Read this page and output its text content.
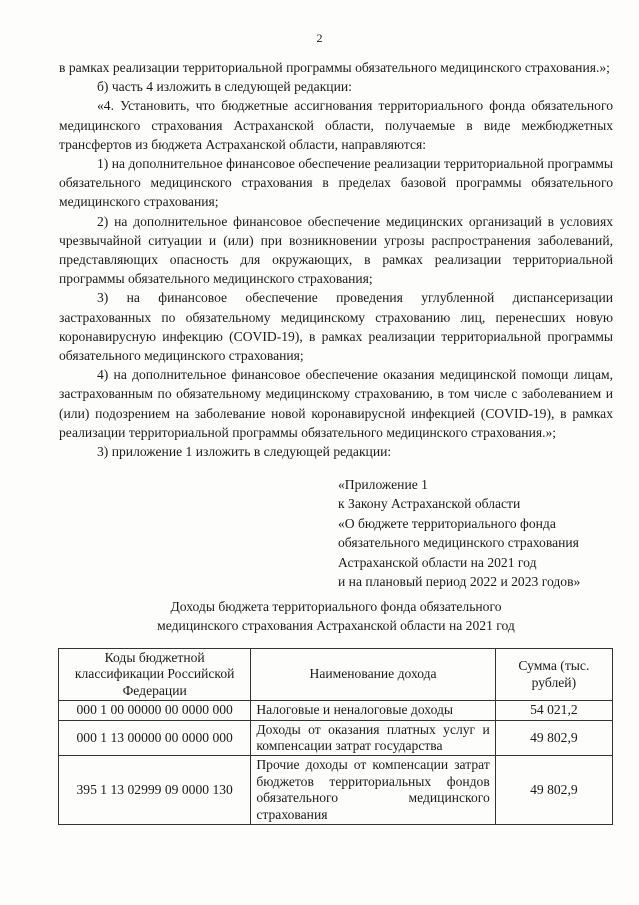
2

в рамках реализации территориальной программы обязательного медицинского страхования.»;

б) часть 4 изложить в следующей редакции:

«4. Установить, что бюджетные ассигнования территориального фонда обязательного медицинского страхования Астраханской области, получаемые в виде межбюджетных трансфертов из бюджета Астраханской области, направляются:

1) на дополнительное финансовое обеспечение реализации территориальной программы обязательного медицинского страхования в пределах базовой программы обязательного медицинского страхования;

2) на дополнительное финансовое обеспечение медицинских организаций в условиях чрезвычайной ситуации и (или) при возникновении угрозы распространения заболеваний, представляющих опасность для окружающих, в рамках реализации территориальной программы обязательного медицинского страхования;

3) на финансовое обеспечение проведения углубленной диспансеризации застрахованных по обязательному медицинскому страхованию лиц, перенесших новую коронавирусную инфекцию (COVID-19), в рамках реализации территориальной программы обязательного медицинского страхования;

4) на дополнительное финансовое обеспечение оказания медицинской помощи лицам, застрахованным по обязательному медицинскому страхованию, в том числе с заболеванием и (или) подозрением на заболевание новой коронавирусной инфекцией (COVID-19), в рамках реализации территориальной программы обязательного медицинского страхования.»;

3) приложение 1 изложить в следующей редакции:

«Приложение 1
к Закону Астраханской области
«О бюджете территориального фонда
обязательного медицинского страхования
Астраханской области на 2021 год
и на плановый период 2022 и 2023 годов»
Доходы бюджета территориального фонда обязательного
медицинского страхования Астраханской области на 2021 год
Коды бюджетной классификации Российской Федерации	Наименование дохода	Сумма (тыс. рублей)
000 1 00 00000 00 0000 000	Налоговые и неналоговые доходы	54 021,2
000 1 13 00000 00 0000 000	Доходы от оказания платных услуг и компенсации затрат государства	49 802,9
395 1 13 02999 09 0000 130	Прочие доходы от компенсации затрат бюджетов территориальных фондов обязательного медицинского страхования	49 802,9
